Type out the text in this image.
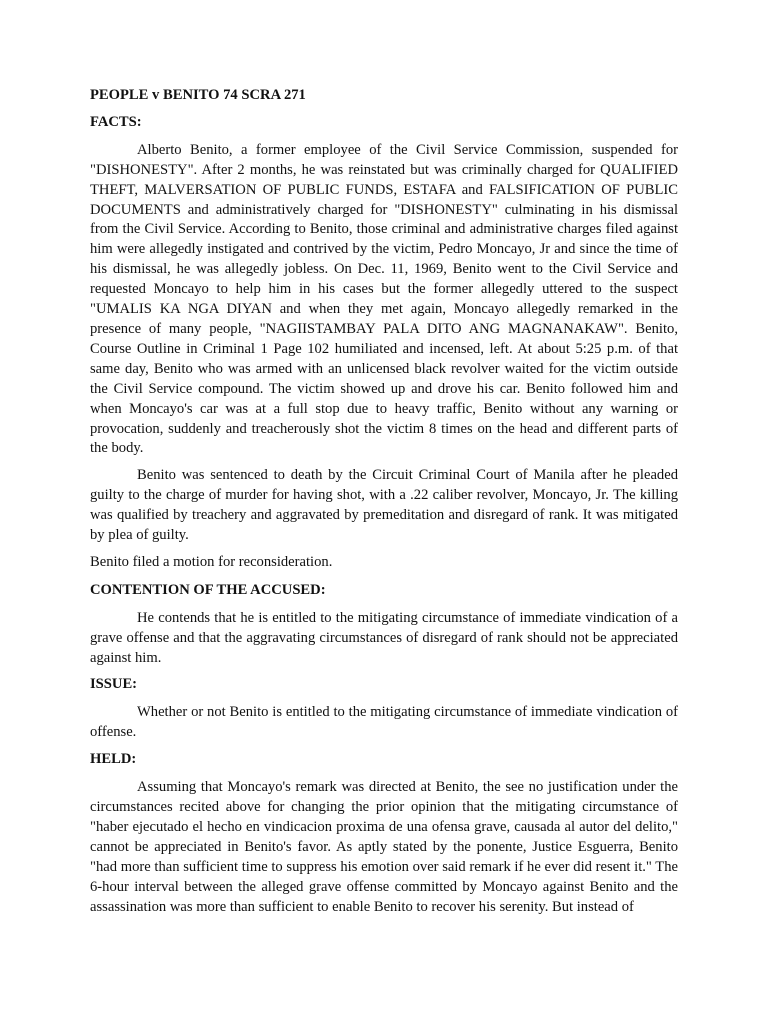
PEOPLE v BENITO 74 SCRA 271
FACTS:
Alberto Benito, a former employee of the Civil Service Commission, suspended for "DISHONESTY". After 2 months, he was reinstated but was criminally charged for QUALIFIED THEFT, MALVERSATION OF PUBLIC FUNDS, ESTAFA and FALSIFICATION OF PUBLIC DOCUMENTS and administratively charged for "DISHONESTY" culminating in his dismissal from the Civil Service. According to Benito, those criminal and administrative charges filed against him were allegedly instigated and contrived by the victim, Pedro Moncayo, Jr and since the time of his dismissal, he was allegedly jobless. On Dec. 11, 1969, Benito went to the Civil Service and requested Moncayo to help him in his cases but the former allegedly uttered to the suspect "UMALIS KA NGA DIYAN and when they met again, Moncayo allegedly remarked in the presence of many people, "NAGIISTAMBAY PALA DITO ANG MAGNANAKAW". Benito, Course Outline in Criminal 1 Page 102 humiliated and incensed, left. At about 5:25 p.m. of that same day, Benito who was armed with an unlicensed black revolver waited for the victim outside the Civil Service compound. The victim showed up and drove his car. Benito followed him and when Moncayo's car was at a full stop due to heavy traffic, Benito without any warning or provocation, suddenly and treacherously shot the victim 8 times on the head and different parts of the body.
Benito was sentenced to death by the Circuit Criminal Court of Manila after he pleaded guilty to the charge of murder for having shot, with a .22 caliber revolver, Moncayo, Jr. The killing was qualified by treachery and aggravated by premeditation and disregard of rank. It was mitigated by plea of guilty.
Benito filed a motion for reconsideration.
CONTENTION OF THE ACCUSED:
He contends that he is entitled to the mitigating circumstance of immediate vindication of a grave offense and that the aggravating circumstances of disregard of rank should not be appreciated against him.
ISSUE:
Whether or not Benito is entitled to the mitigating circumstance of immediate vindication of offense.
HELD:
Assuming that Moncayo's remark was directed at Benito, the see no justification under the circumstances recited above for changing the prior opinion that the mitigating circumstance of "haber ejecutado el hecho en vindicacion proxima de una ofensa grave, causada al autor del delito," cannot be appreciated in Benito's favor. As aptly stated by the ponente, Justice Esguerra, Benito "had more than sufficient time to suppress his emotion over said remark if he ever did resent it." The 6-hour interval between the alleged grave offense committed by Moncayo against Benito and the assassination was more than sufficient to enable Benito to recover his serenity. But instead of
